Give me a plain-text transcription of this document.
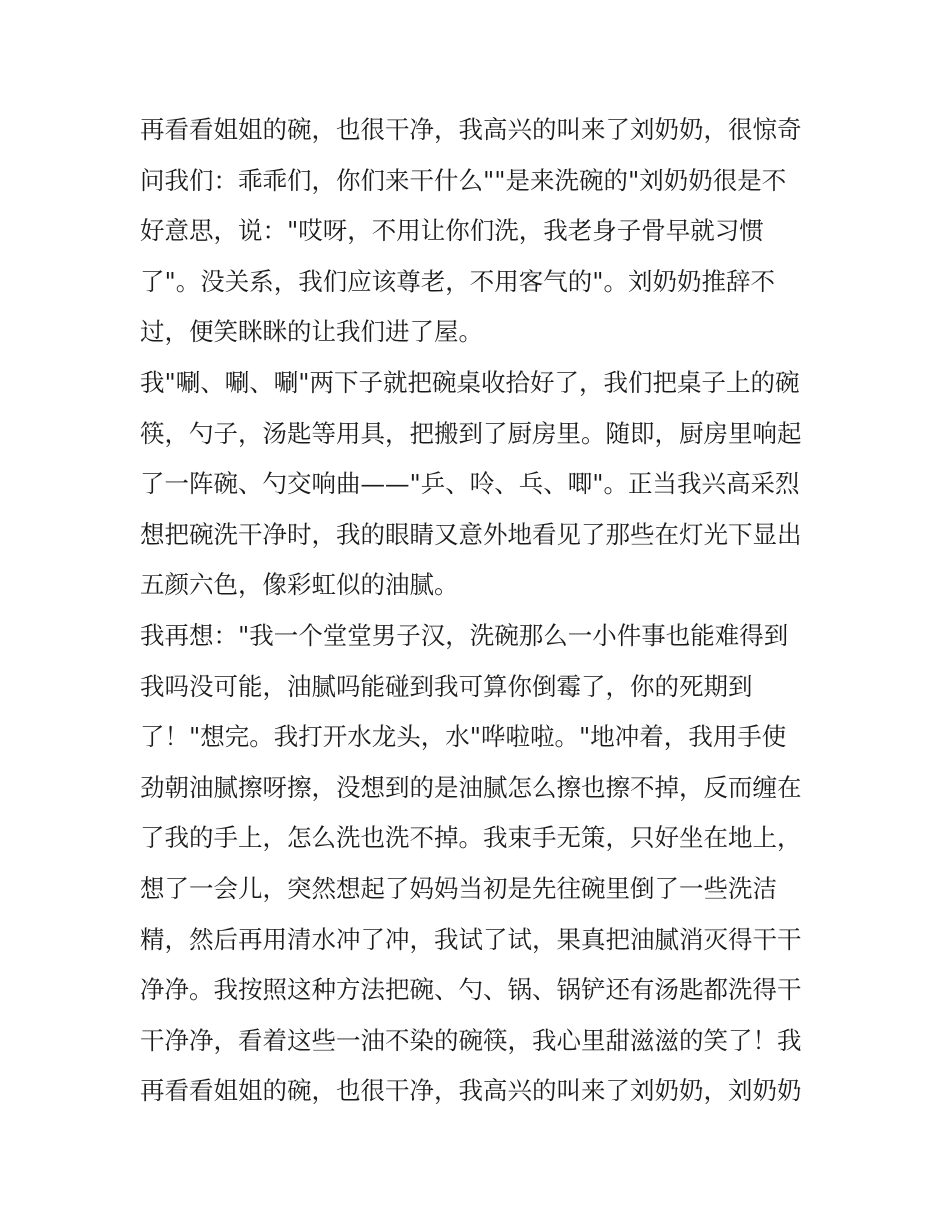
再看看姐姐的碗，也很干净，我高兴的叫来了刘奶奶，很惊奇
问我们：乖乖们，你们来干什么""是来洗碗的"刘奶奶很是不
好意思，说："哎呀，不用让你们洗，我老身子骨早就习惯
了"。没关系，我们应该尊老，不用客气的"。刘奶奶推辞不
过，便笑眯眯的让我们进了屋。
我"唰、唰、唰"两下子就把碗桌收拾好了，我们把桌子上的碗
筷，勺子，汤匙等用具，把搬到了厨房里。随即，厨房里响起
了一阵碗、勺交响曲——"乒、呤、乓、唧"。正当我兴高采烈
想把碗洗干净时，我的眼睛又意外地看见了那些在灯光下显出
五颜六色，像彩虹似的油腻。
我再想："我一个堂堂男子汉，洗碗那么一小件事也能难得到
我吗没可能，油腻吗能碰到我可算你倒霉了，你的死期到
了！"想完。我打开水龙头，水"哗啦啦。"地冲着，我用手使
劲朝油腻擦呀擦，没想到的是油腻怎么擦也擦不掉，反而缠在
了我的手上，怎么洗也洗不掉。我束手无策，只好坐在地上，
想了一会儿，突然想起了妈妈当初是先往碗里倒了一些洗洁
精，然后再用清水冲了冲，我试了试，果真把油腻消灭得干干
净净。我按照这种方法把碗、勺、锅、锅铲还有汤匙都洗得干
干净净，看着这些一油不染的碗筷，我心里甜滋滋的笑了！我
再看看姐姐的碗，也很干净，我高兴的叫来了刘奶奶，刘奶奶
